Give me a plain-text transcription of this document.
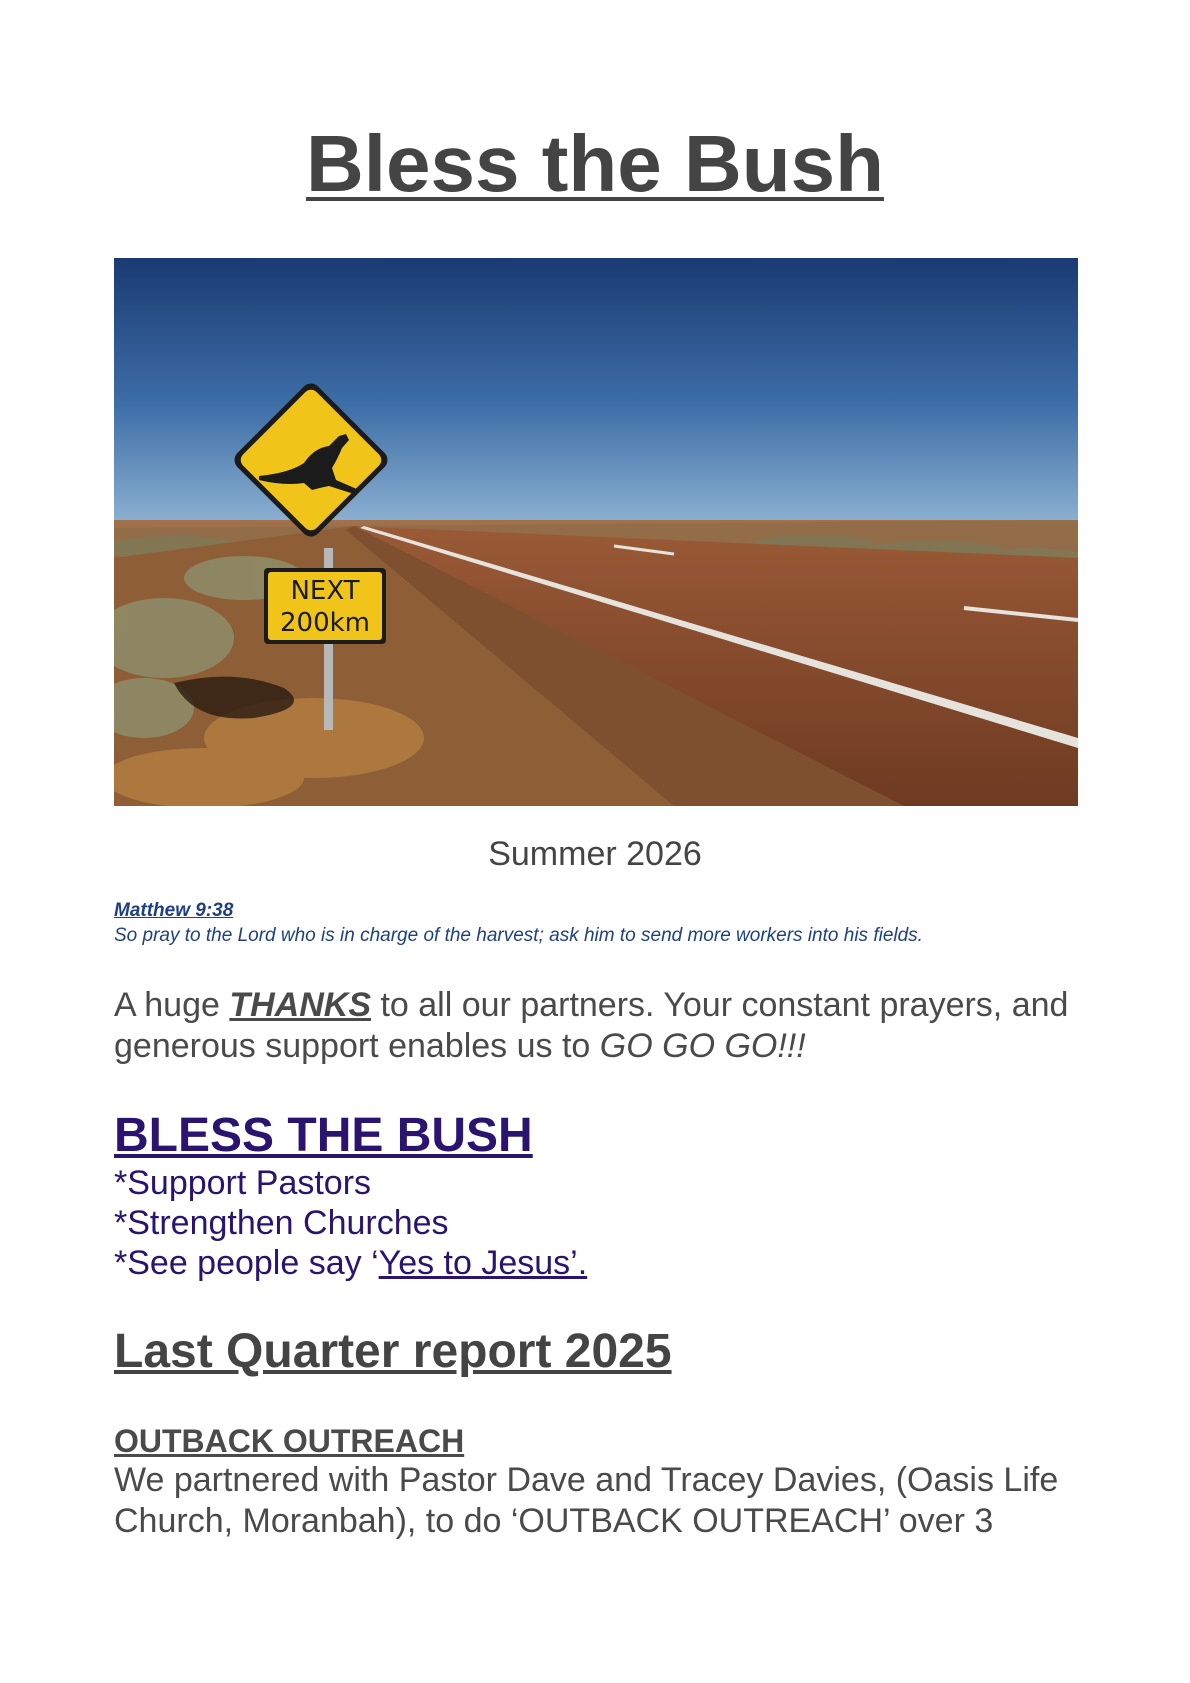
Bless the Bush
NEXT
200km
Summer 2026
Matthew 9:38
So pray to the Lord who is in charge of the harvest; ask him to send more workers into his fields.

A huge THANKS to all our partners. Your constant prayers, and generous support enables us to GO GO GO!!!

BLESS THE BUSH
*Support Pastors
*Strengthen Churches
*See people say ‘Yes to Jesus’.
Last Quarter report 2025
OUTBACK OUTREACH

We partnered with Pastor Dave and Tracey Davies, (Oasis Life Church, Moranbah), to do ‘OUTBACK OUTREACH’ over 3
